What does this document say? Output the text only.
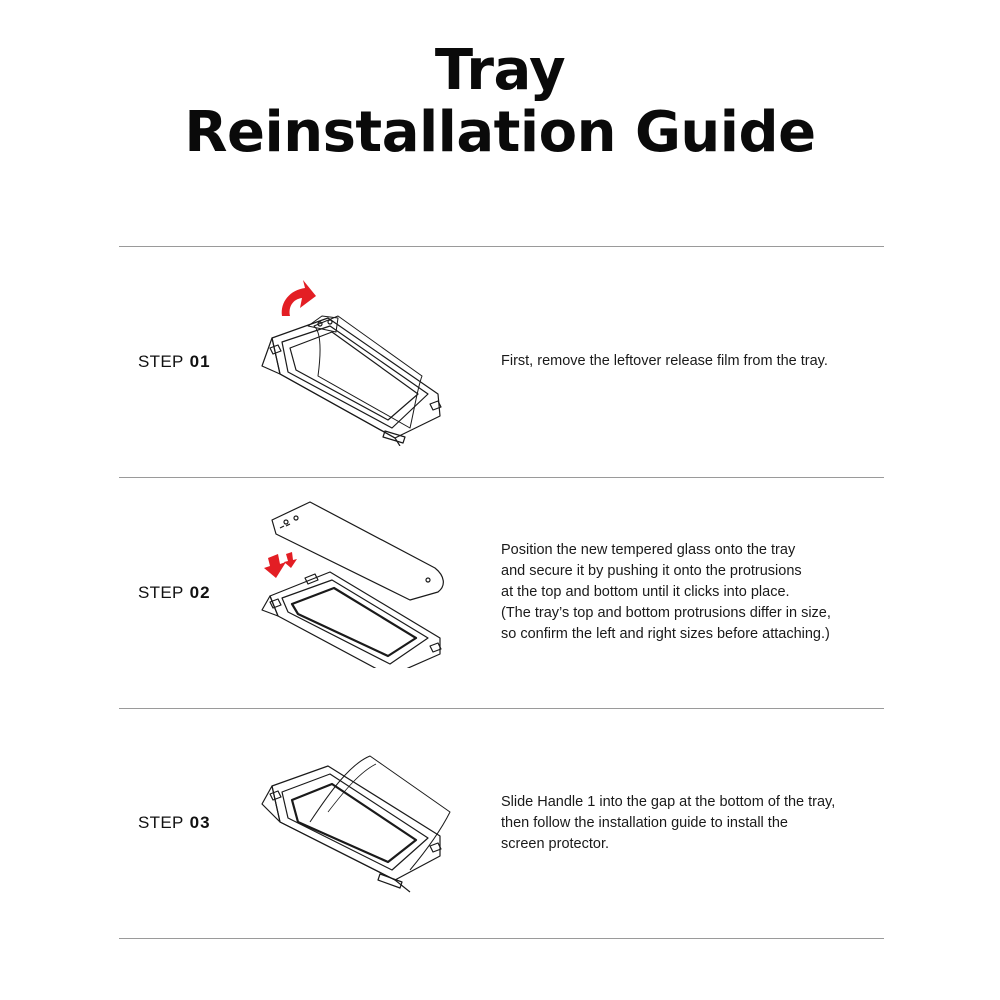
Tray
Reinstallation Guide
STEP 01	First, remove the leftover release film from the tray.
STEP 02
Position the new tempered glass onto the tray
and secure it by pushing it onto the protrusions
at the top and bottom until it clicks into place.
(The tray’s top and bottom protrusions differ in size,
so confirm the left and right sizes before attaching.)
STEP 03
Slide Handle 1 into the gap at the bottom of the tray,
then follow the installation guide to install the
screen protector.
